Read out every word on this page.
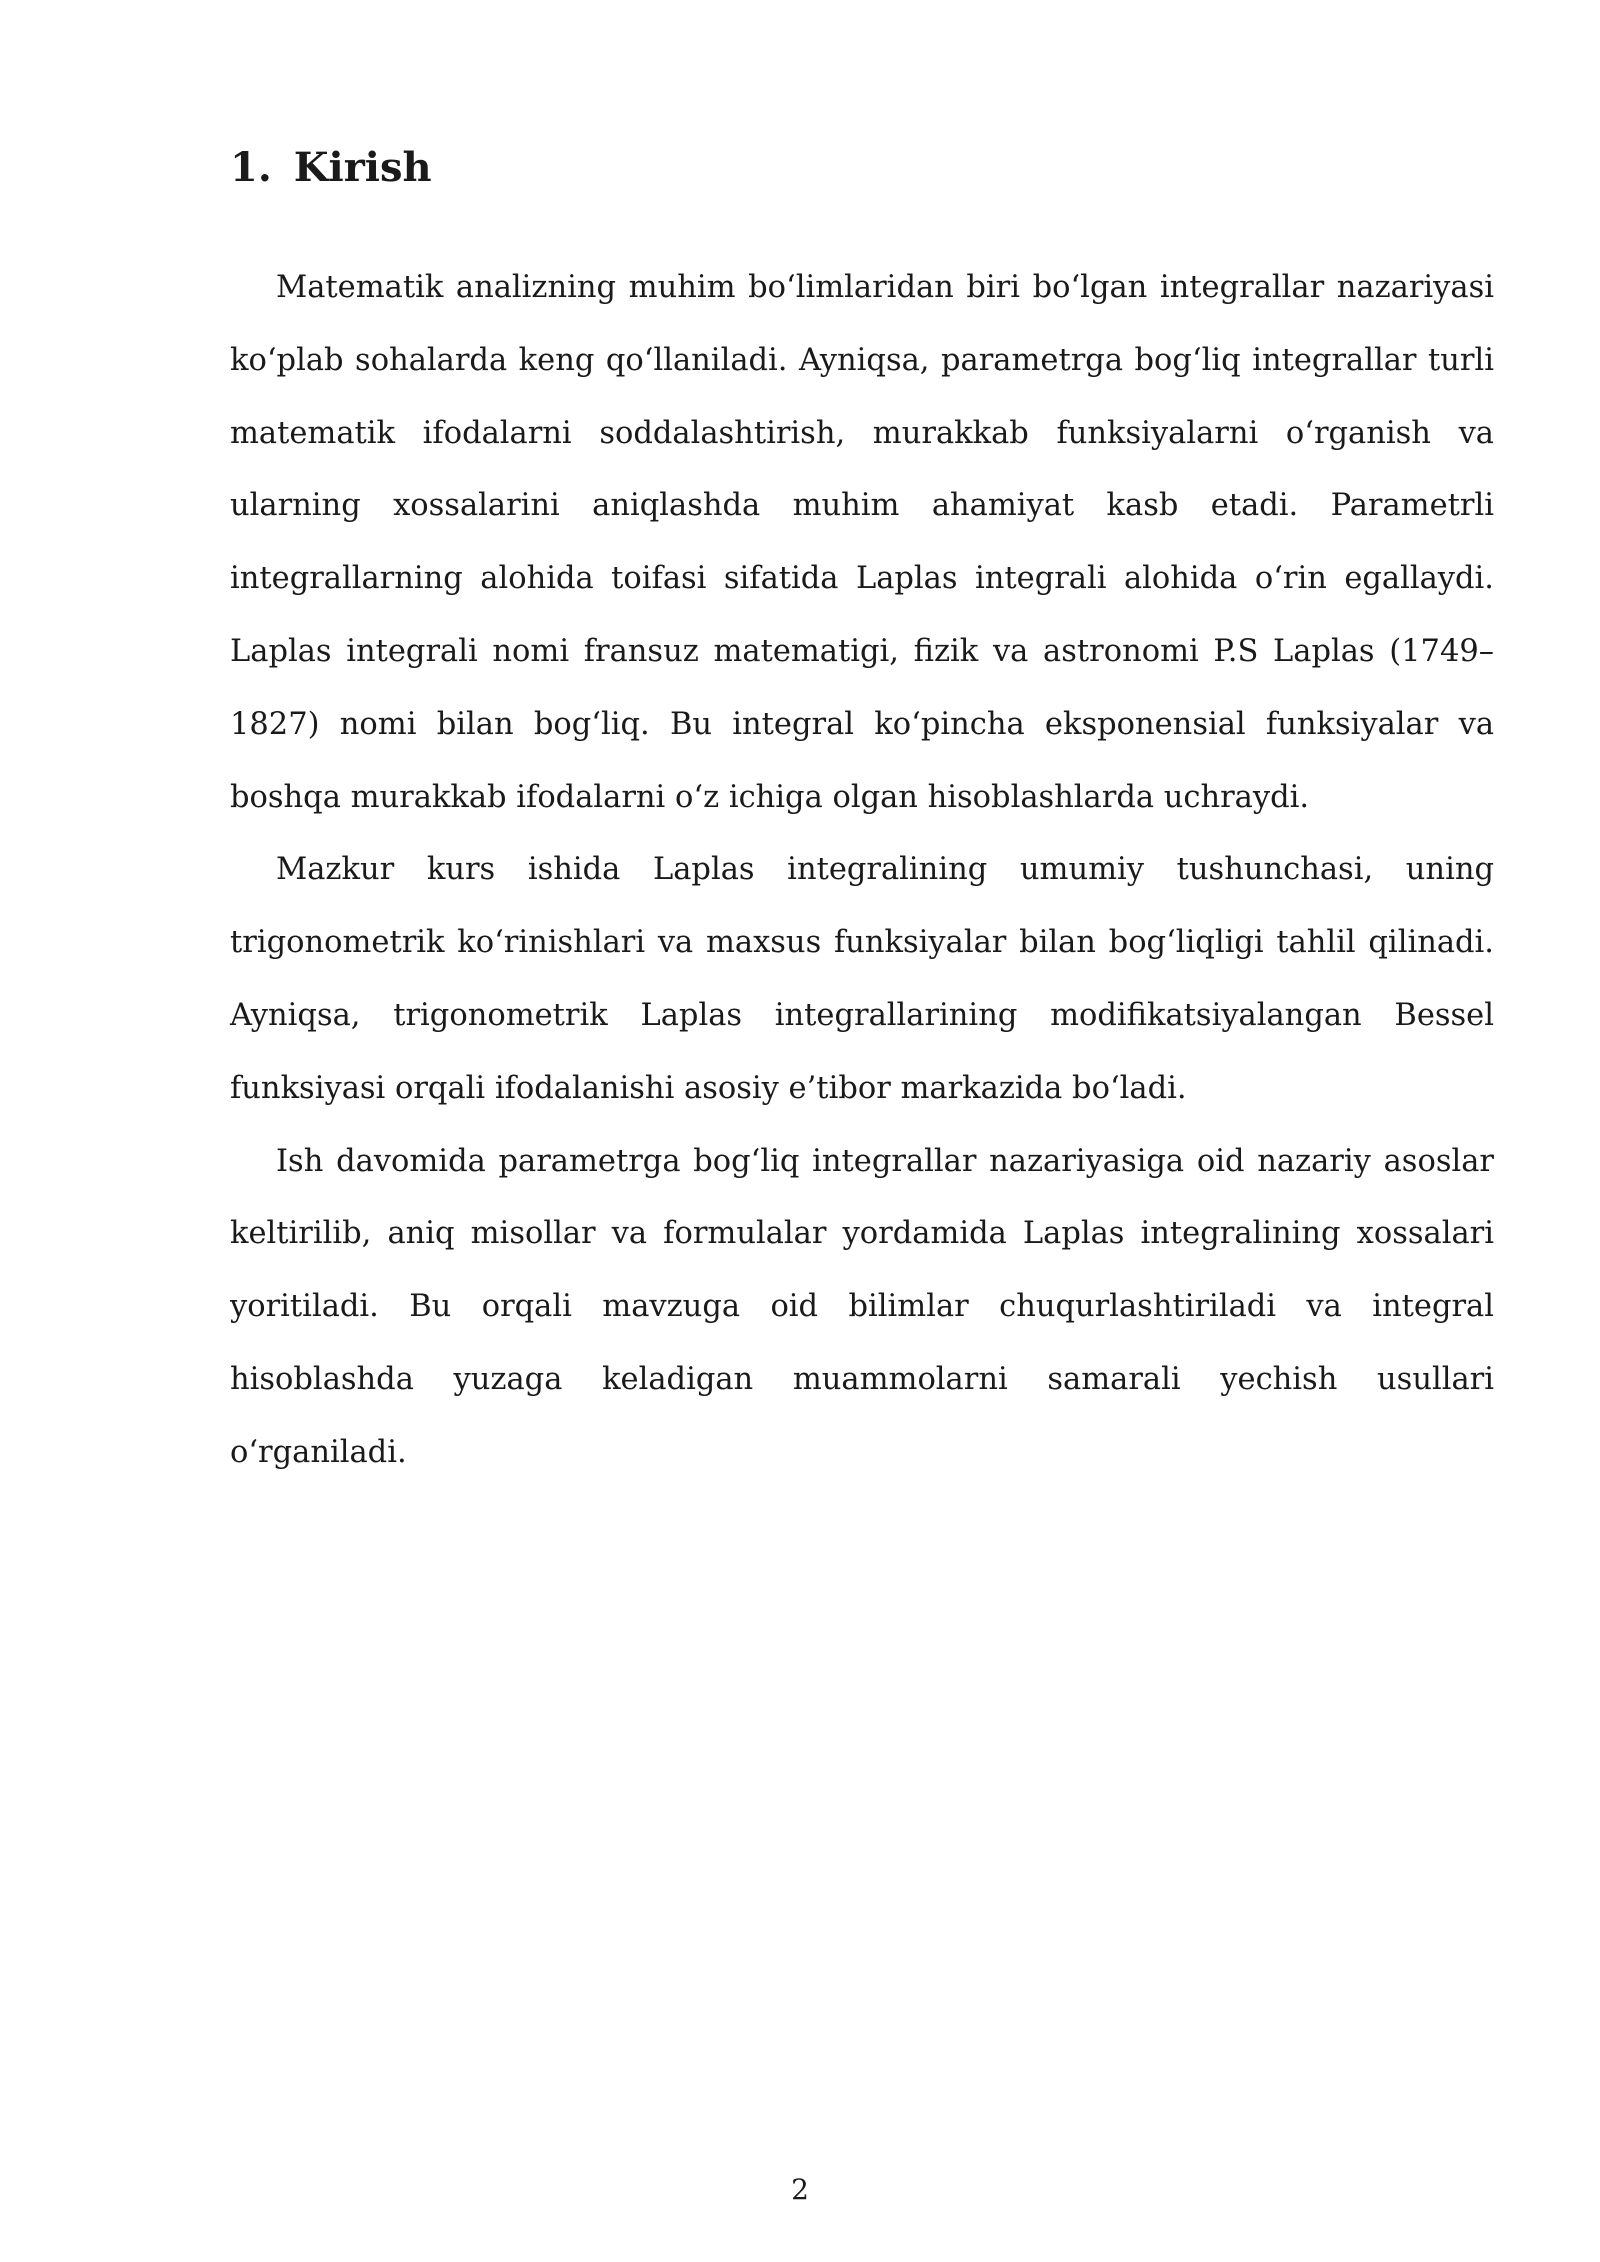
1. Kirish

Matematik analizning muhim bo‘limlaridan biri bo‘lgan integrallar nazariyasi ko‘plab sohalarda keng qo‘llaniladi. Ayniqsa, parametrga bog‘liq integrallar turli matematik ifodalarni soddalashtirish, murakkab funksiyalarni o‘rganish va ularning xossalarini aniqlashda muhim ahamiyat kasb etadi. Parametrli integrallarning alohida toifasi sifatida Laplas integrali alohida o‘rin egallaydi. Laplas integrali nomi fransuz matematigi, fizik va astronomi P.S Laplas (1749–1827) nomi bilan bog‘liq. Bu integral ko‘pincha eksponensial funksiyalar va boshqa murakkab ifodalarni o‘z ichiga olgan hisoblashlarda uchraydi.

Mazkur kurs ishida Laplas integralining umumiy tushunchasi, uning trigonometrik ko‘rinishlari va maxsus funksiyalar bilan bog‘liqligi tahlil qilinadi. Ayniqsa, trigonometrik Laplas integrallarining modifikatsiyalangan Bessel funksiyasi orqali ifodalanishi asosiy e’tibor markazida bo‘ladi.

Ish davomida parametrga bog‘liq integrallar nazariyasiga oid nazariy asoslar keltirilib, aniq misollar va formulalar yordamida Laplas integralining xossalari yoritiladi. Bu orqali mavzuga oid bilimlar chuqurlashtiriladi va integral hisoblashda yuzaga keladigan muammolarni samarali yechish usullari o‘rganiladi.

2
